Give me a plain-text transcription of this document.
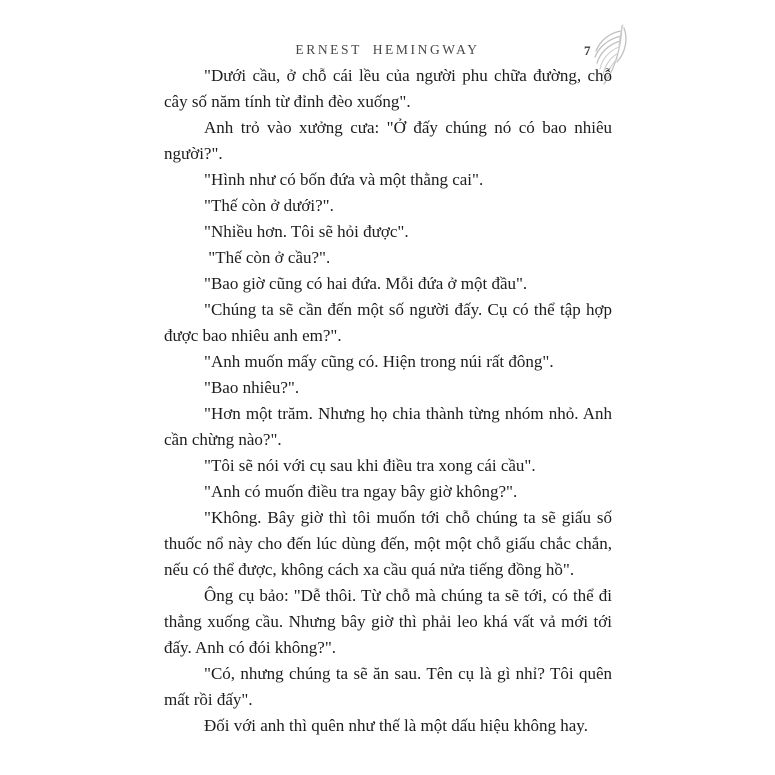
ERNEST HEMINGWAY	7

"Dưới cầu, ở chỗ cái lều của người phu chữa đường, chỗ cây số năm tính từ đỉnh đèo xuống".

Anh trỏ vào xưởng cưa: "Ở đấy chúng nó có bao nhiêu người?".

"Hình như có bốn đứa và một thằng cai".

"Thế còn ở dưới?".

"Nhiều hơn. Tôi sẽ hỏi được".

"Thế còn ở cầu?".

"Bao giờ cũng có hai đứa. Mỗi đứa ở một đầu".

"Chúng ta sẽ cần đến một số người đấy. Cụ có thể tập hợp được bao nhiêu anh em?".

"Anh muốn mấy cũng có. Hiện trong núi rất đông".

"Bao nhiêu?".

"Hơn một trăm. Nhưng họ chia thành từng nhóm nhỏ. Anh cần chừng nào?".

"Tôi sẽ nói với cụ sau khi điều tra xong cái cầu".

"Anh có muốn điều tra ngay bây giờ không?".

"Không. Bây giờ thì tôi muốn tới chỗ chúng ta sẽ giấu số thuốc nổ này cho đến lúc dùng đến, một một chỗ giấu chắc chắn, nếu có thể được, không cách xa cầu quá nửa tiếng đồng hồ".

Ông cụ bảo: "Dễ thôi. Từ chỗ mà chúng ta sẽ tới, có thể đi thẳng xuống cầu. Nhưng bây giờ thì phải leo khá vất vả mới tới đấy. Anh có đói không?".

"Có, nhưng chúng ta sẽ ăn sau. Tên cụ là gì nhỉ? Tôi quên mất rồi đấy".

Đối với anh thì quên như thế là một dấu hiệu không hay.
